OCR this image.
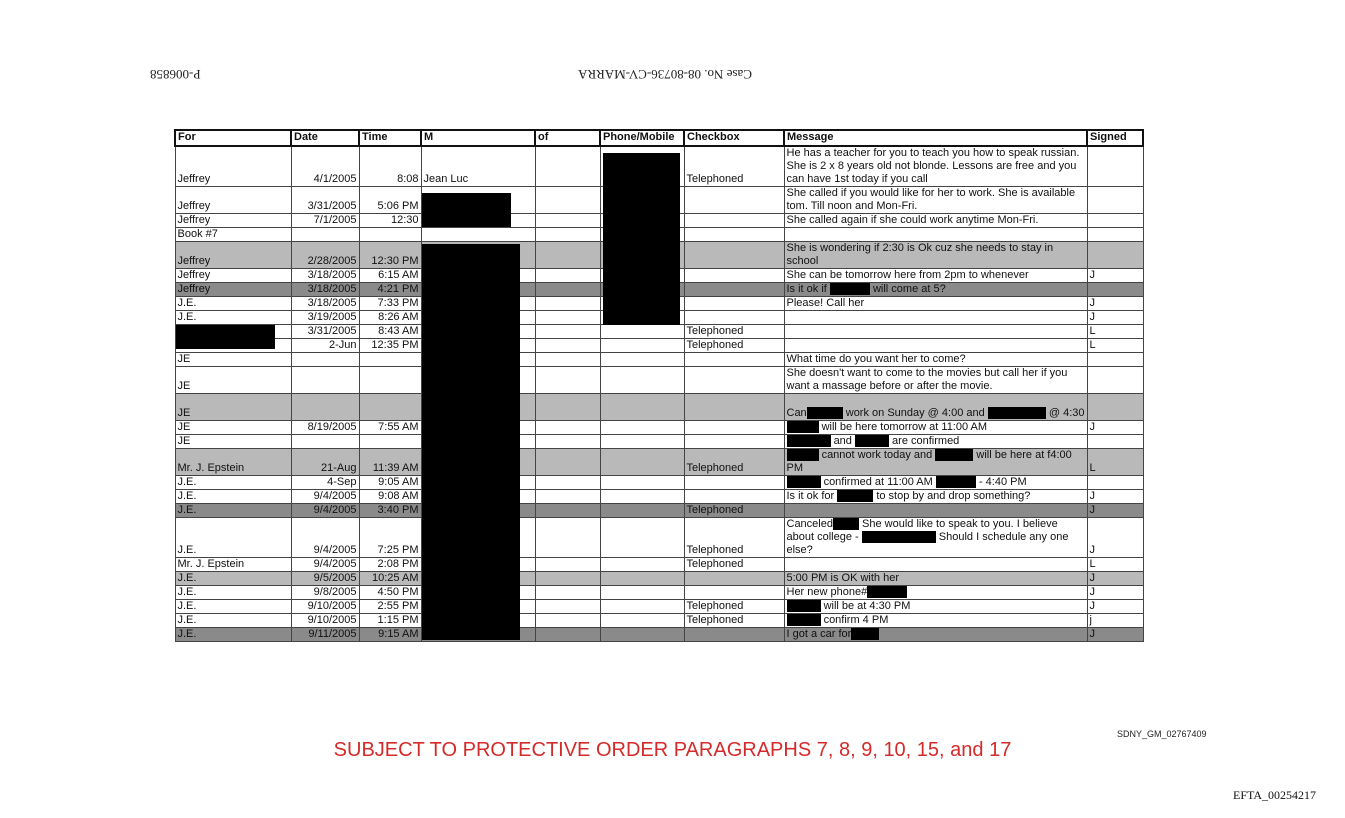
P-006858	Case No. 08-80736-CV-MARRA
For	Date	Time	M	of	Phone/Mobile	Checkbox	Message	Signed
Jeffrey	4/1/2005	8:08	Jean Luc			Telephoned	He has a teacher for you to teach you how to speak russian. She is 2 x 8 years old not blonde. Lessons are free and you can have 1st today if you call	
Jeffrey	3/31/2005	5:06 PM					She called if you would like for her to work. She is available tom. Till noon and Mon-Fri.	
Jeffrey	7/1/2005	12:30					She called again if she could work anytime Mon-Fri.	
Book #7								
Jeffrey	2/28/2005	12:30 PM					She is wondering if 2:30 is Ok cuz she needs to stay in school	
Jeffrey	3/18/2005	6:15 AM					She can be tomorrow here from 2pm to whenever	J
Jeffrey	3/18/2005	4:21 PM					Is it ok if will come at 5?	
J.E.	3/18/2005	7:33 PM					Please! Call her	J
J.E.	3/19/2005	8:26 AM						J
	3/31/2005	8:43 AM				Telephoned		L
	2-Jun	12:35 PM				Telephoned		L
JE							What time do you want her to come?	
JE							She doesn't want to come to the movies but call her if you want a massage before or after the movie.	
JE							Can work on Sunday @ 4:00 and @ 4:30	
JE	8/19/2005	7:55 AM					will be here tomorrow at 11:00 AM	J
JE							and are confirmed	
Mr. J. Epstein	21-Aug	11:39 AM				Telephoned	cannot work today and will be here at f4:00 PM	L
J.E.	4-Sep	9:05 AM					confirmed at 11:00 AM - 4:40 PM	
J.E.	9/4/2005	9:08 AM					Is it ok for to stop by and drop something?	J
J.E.	9/4/2005	3:40 PM				Telephoned		J
J.E.	9/4/2005	7:25 PM				Telephoned	Canceled She would like to speak to you. I believe about college - Should I schedule any one else?	J
Mr. J. Epstein	9/4/2005	2:08 PM				Telephoned		L
J.E.	9/5/2005	10:25 AM					5:00 PM is OK with her	J
J.E.	9/8/2005	4:50 PM					Her new phone#	J
J.E.	9/10/2005	2:55 PM				Telephoned	will be at 4:30 PM	J
J.E.	9/10/2005	1:15 PM				Telephoned	confirm 4 PM	j
J.E.	9/11/2005	9:15 AM					I got a car for	J
SDNY_GM_02767409
SUBJECT TO PROTECTIVE ORDER PARAGRAPHS 7, 8, 9, 10, 15, and 17
EFTA_00254217
